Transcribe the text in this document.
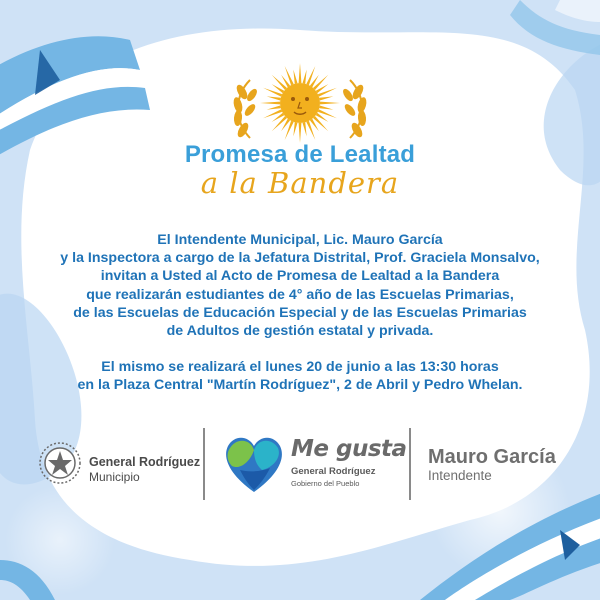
Promesa de Lealtad
a la Bandera

El Intendente Municipal, Lic. Mauro García

y la Inspectora a cargo de la Jefatura Distrital, Prof. Graciela Monsalvo,

invitan a Usted al Acto de Promesa de Lealtad a la Bandera

que realizarán estudiantes de 4° año de las Escuelas Primarias,

de las Escuelas de Educación Especial y de las Escuelas Primarias

de Adultos de gestión estatal y privada.

El mismo se realizará el lunes 20 de junio a las 13:30 horas

en la Plaza Central "Martín Rodríguez", 2 de Abril y Pedro Whelan.

General Rodríguez
Municipio
Me gusta
General Rodríguez
Gobierno del Pueblo
Mauro García
Intendente
